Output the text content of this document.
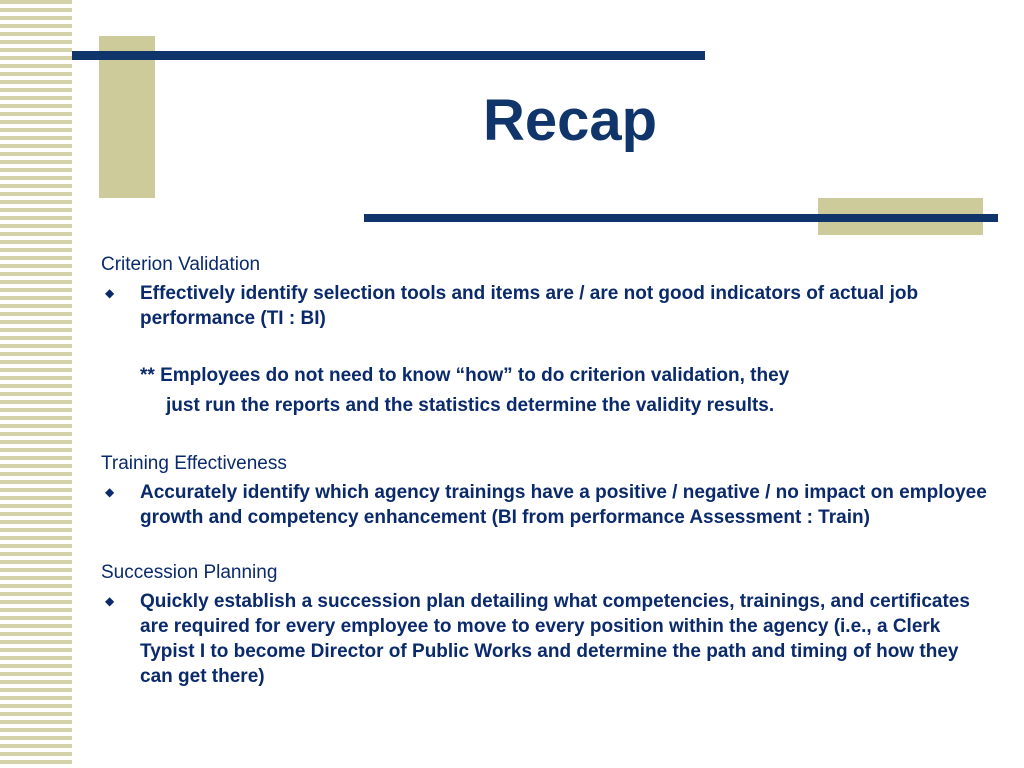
Recap

Criterion Validation

◆	Effectively identify selection tools and items are / are not good indicators of actual job performance (TI : BI)
** Employees do not need to know “how” to do criterion validation, they
just run the reports and the statistics determine the validity results.

Training Effectiveness

◆	Accurately identify which agency trainings have a positive / negative / no impact on employee growth and competency enhancement (BI from performance Assessment : Train)

Succession Planning

◆	Quickly establish a succession plan detailing what competencies, trainings, and certificates are required for every employee to move to every position within the agency (i.e., a Clerk Typist I to become Director of Public Works and determine the path and timing of how they can get there)
